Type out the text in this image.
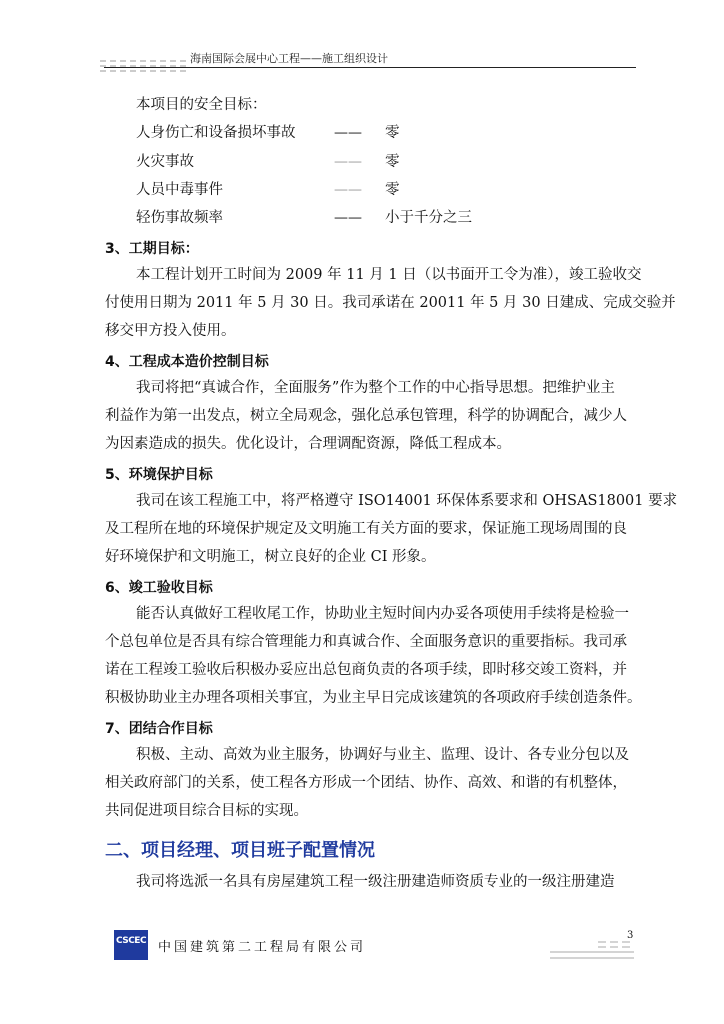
海南国际会展中心工程——施工组织设计
本项目的安全目标：
人身伤亡和设备损坏事故	—— 零
火灾事故	—— 零
人员中毒事件	—— 零
轻伤事故频率	—— 小于千分之三
3、工期目标：
本工程计划开工时间为 2009 年 11 月 1 日（以书面开工令为准），竣工验收交
付使用日期为 2011 年 5 月 30 日。我司承诺在 20011 年 5 月 30 日建成、完成交验并
移交甲方投入使用。
4、工程成本造价控制目标
我司将把“真诚合作，全面服务”作为整个工作的中心指导思想。把维护业主
利益作为第一出发点，树立全局观念，强化总承包管理，科学的协调配合，减少人
为因素造成的损失。优化设计，合理调配资源，降低工程成本。
5、环境保护目标
我司在该工程施工中，将严格遵守 ISO14001 环保体系要求和 OHSAS18001 要求
及工程所在地的环境保护规定及文明施工有关方面的要求，保证施工现场周围的良
好环境保护和文明施工，树立良好的企业 CI 形象。
6、竣工验收目标
能否认真做好工程收尾工作，协助业主短时间内办妥各项使用手续将是检验一
个总包单位是否具有综合管理能力和真诚合作、全面服务意识的重要指标。我司承
诺在工程竣工验收后积极办妥应出总包商负责的各项手续，即时移交竣工资料，并
积极协助业主办理各项相关事宜，为业主早日完成该建筑的各项政府手续创造条件。
7、团结合作目标
积极、主动、高效为业主服务，协调好与业主、监理、设计、各专业分包以及
相关政府部门的关系，使工程各方形成一个团结、协作、高效、和谐的有机整体，
共同促进项目综合目标的实现。
二、项目经理、项目班子配置情况
我司将选派一名具有房屋建筑工程一级注册建造师资质专业的一级注册建造
CSCEC 中国建筑第二工程局有限公司
3
